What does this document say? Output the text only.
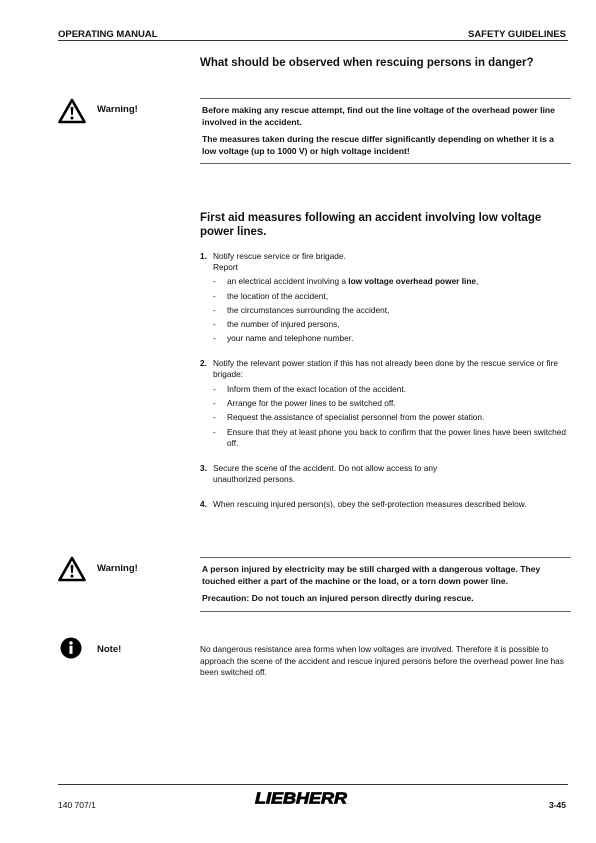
OPERATING MANUAL	SAFETY GUIDELINES
What should be observed when rescuing persons in danger?
Warning!	Before making any rescue attempt, find out the line voltage of the overhead power line involved in the accident.

The measures taken during the rescue differ significantly depending on whether it is a low voltage (up to 1000 V) or high voltage incident!

First aid measures following an accident involving low voltage power lines.
1. Notify rescue service or fire brigade.
Report
- an electrical accident involving a low voltage overhead power line,
- the location of the accident,
- the circumstances surrounding the accident,
- the number of injured persons,
- your name and telephone number.
2. Notify the relevant power station if this has not already been done by the rescue service or fire brigade:
- Inform them of the exact location of the accident.
- Arrange for the power lines to be switched off.
- Request the assistance of specialist personnel from the power station.
- Ensure that they at least phone you back to confirm that the power lines have been switched off.
3. Secure the scene of the accident. Do not allow access to any unauthorized persons.
4. When rescuing injured person(s), obey the self-protection measures described below.
Warning!	A person injured by electricity may be still charged with a dangerous voltage. They touched either a part of the machine or the load, or a torn down power line.

Precaution: Do not touch an injured person directly during rescue.

Note!	No dangerous resistance area forms when low voltages are involved. Therefore it is possible to approach the scene of the accident and rescue injured persons before the overhead power line has been switched off.
140 707/1	LIEBHERR	3-45
